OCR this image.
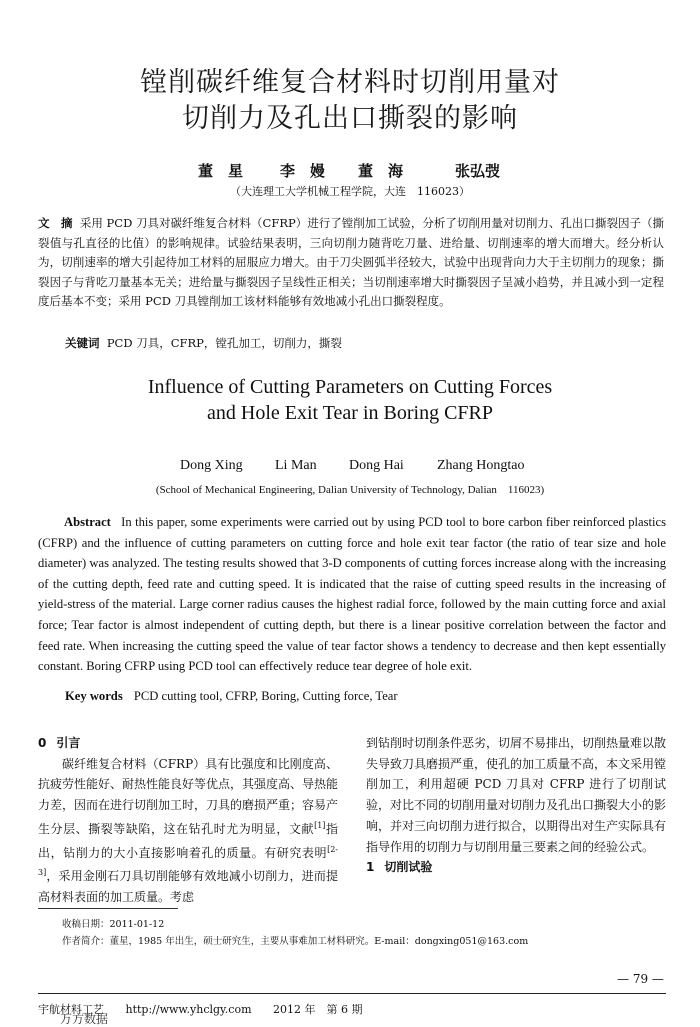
镗削碳纤维复合材料时切削用量对
切削力及孔出口撕裂的影响
董　星 李　嫚 董　海	张弘弢
（大连理工大学机械工程学院，大连　116023）
文　摘 采用 PCD 刀具对碳纤维复合材料（CFRP）进行了镗削加工试验，分析了切削用量对切削力、孔出口撕裂因子（撕裂值与孔直径的比值）的影响规律。试验结果表明，三向切削力随背吃刀量、进给量、切削速率的增大而增大。经分析认为，切削速率的增大引起待加工材料的屈服应力增大。由于刀尖圆弧半径较大，试验中出现背向力大于主切削力的现象；撕裂因子与背吃刀量基本无关；进给量与撕裂因子呈线性正相关；当切削速率增大时撕裂因子呈减小趋势，并且减小到一定程度后基本不变；采用 PCD 刀具镗削加工该材料能够有效地减小孔出口撕裂程度。
关键词 PCD 刀具，CFRP，镗孔加工，切削力，撕裂
Influence of Cutting Parameters on Cutting Forces
and Hole Exit Tear in Boring CFRP
Dong Xing Li Man Dong Hai Zhang Hongtao
(School of Mechanical Engineering, Dalian University of Technology, Dalian　116023)
Abstract In this paper, some experiments were carried out by using PCD tool to bore carbon fiber reinforced plastics (CFRP) and the influence of cutting parameters on cutting force and hole exit tear factor (the ratio of tear size and hole diameter) was analyzed. The testing results showed that 3-D components of cutting forces increase along with the increasing of the cutting depth, feed rate and cutting speed. It is indicated that the raise of cutting speed results in the increasing of yield-stress of the material. Large corner radius causes the highest radial force, followed by the main cutting force and axial force; Tear factor is almost independent of cutting depth, but there is a linear positive correlation between the factor and feed rate. When increasing the cutting speed the value of tear factor shows a tendency to decrease and then kept essentially constant. Boring CFRP using PCD tool can effectively reduce tear degree of hole exit.
Key words PCD cutting tool, CFRP, Boring, Cutting force, Tear
0 引言

碳纤维复合材料（CFRP）具有比强度和比刚度高、抗疲劳性能好、耐热性能良好等优点，其强度高、导热能力差，因而在进行切削加工时，刀具的磨损严重；容易产生分层、撕裂等缺陷，这在钻孔时尤为明显，文献[1]指出，钻削力的大小直接影响着孔的质量。有研究表明[2-3]，采用金刚石刀具切削能够有效地减小切削力，进而提高材料表面的加工质量。考虑

到钻削时切削条件恶劣，切屑不易排出，切削热量难以散失导致刀具磨损严重，使孔的加工质量不高，本文采用镗削加工，利用超硬 PCD 刀具对 CFRP 进行了切削试验，对比不同的切削用量对切削力及孔出口撕裂大小的影响，并对三向切削力进行拟合，以期得出对生产实际具有指导作用的切削力与切削用量三要素之间的经验公式。

1 切削试验
收稿日期：2011-01-12
作者简介：董星，1985 年出生，硕士研究生，主要从事难加工材料研究。E-mail：dongxing051@163.com
— 79 —
宇航材料工艺 http://www.yhclgy.com 2012 年　第 6 期
万方数据
